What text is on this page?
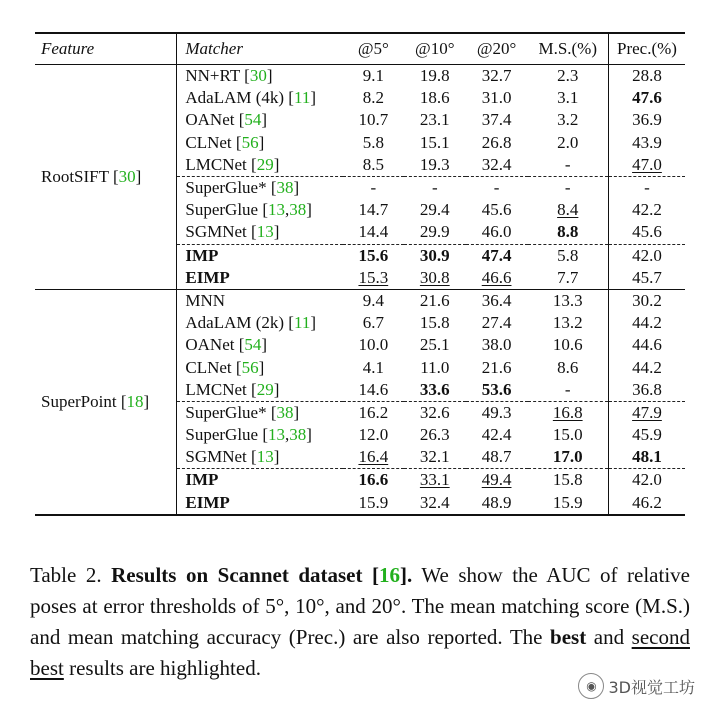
Feature	Matcher	@5°	@10°	@20°	M.S.(%)	Prec.(%)
RootSIFT [30]	NN+RT [30]	9.1	19.8	32.7	2.3	28.8
	AdaLAM (4k) [11]	8.2	18.6	31.0	3.1	47.6
	OANet [54]	10.7	23.1	37.4	3.2	36.9
	CLNet [56]	5.8	15.1	26.8	2.0	43.9
	LMCNet [29]	8.5	19.3	32.4	-	47.0
	SuperGlue* [38]	-	-	-	-	-
	SuperGlue [13,38]	14.7	29.4	45.6	8.4	42.2
	SGMNet [13]	14.4	29.9	46.0	8.8	45.6
	IMP	15.6	30.9	47.4	5.8	42.0
	EIMP	15.3	30.8	46.6	7.7	45.7
SuperPoint [18]	MNN	9.4	21.6	36.4	13.3	30.2
	AdaLAM (2k) [11]	6.7	15.8	27.4	13.2	44.2
	OANet [54]	10.0	25.1	38.0	10.6	44.6
	CLNet [56]	4.1	11.0	21.6	8.6	44.2
	LMCNet [29]	14.6	33.6	53.6	-	36.8
	SuperGlue* [38]	16.2	32.6	49.3	16.8	47.9
	SuperGlue [13,38]	12.0	26.3	42.4	15.0	45.9
	SGMNet [13]	16.4	32.1	48.7	17.0	48.1
	IMP	16.6	33.1	49.4	15.8	42.0
	EIMP	15.9	32.4	48.9	15.9	46.2
Table 2. Results on Scannet dataset [16]. We show the AUC of relative poses at error thresholds of 5°, 10°, and 20°. The mean matching score (M.S.) and mean matching accuracy (Prec.) are also reported. The best and second best results are highlighted.
◉ 3D视觉工坊
